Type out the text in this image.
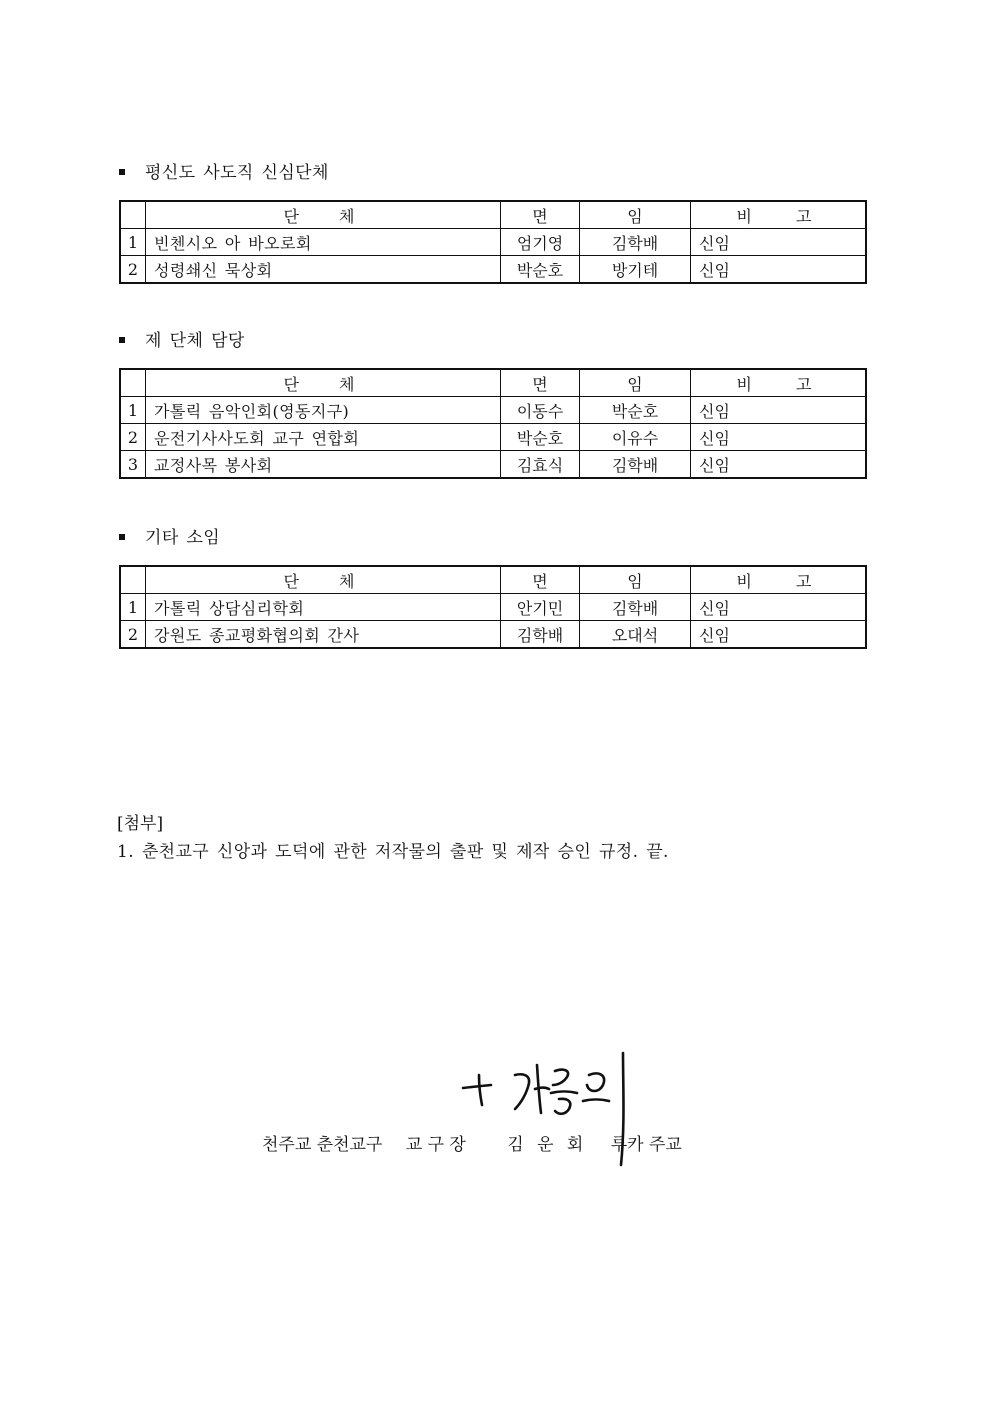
평신도 사도직 신심단체
	단체	면	임	비고
1	빈첸시오 아 바오로회	엄기영	김학배	신임
2	성령쇄신 묵상회	박순호	방기테	신임
제 단체 담당
	단체	면	임	비고
1	가톨릭 음악인회(영동지구)	이동수	박순호	신임
2	운전기사사도회 교구 연합회	박순호	이유수	신임
3	교정사목 봉사회	김효식	김학배	신임
기타 소임
	단체	면	임	비고
1	가톨릭 상담심리학회	안기민	김학배	신임
2	강원도 종교평화협의회 간사	김학배	오대석	신임
[첨부]
1. 춘천교구 신앙과 도덕에 관한 저작물의 출판 및 제작 승인 규정. 끝.
천주교 춘천교구 교 구 장 김 운 회 루카 주교
